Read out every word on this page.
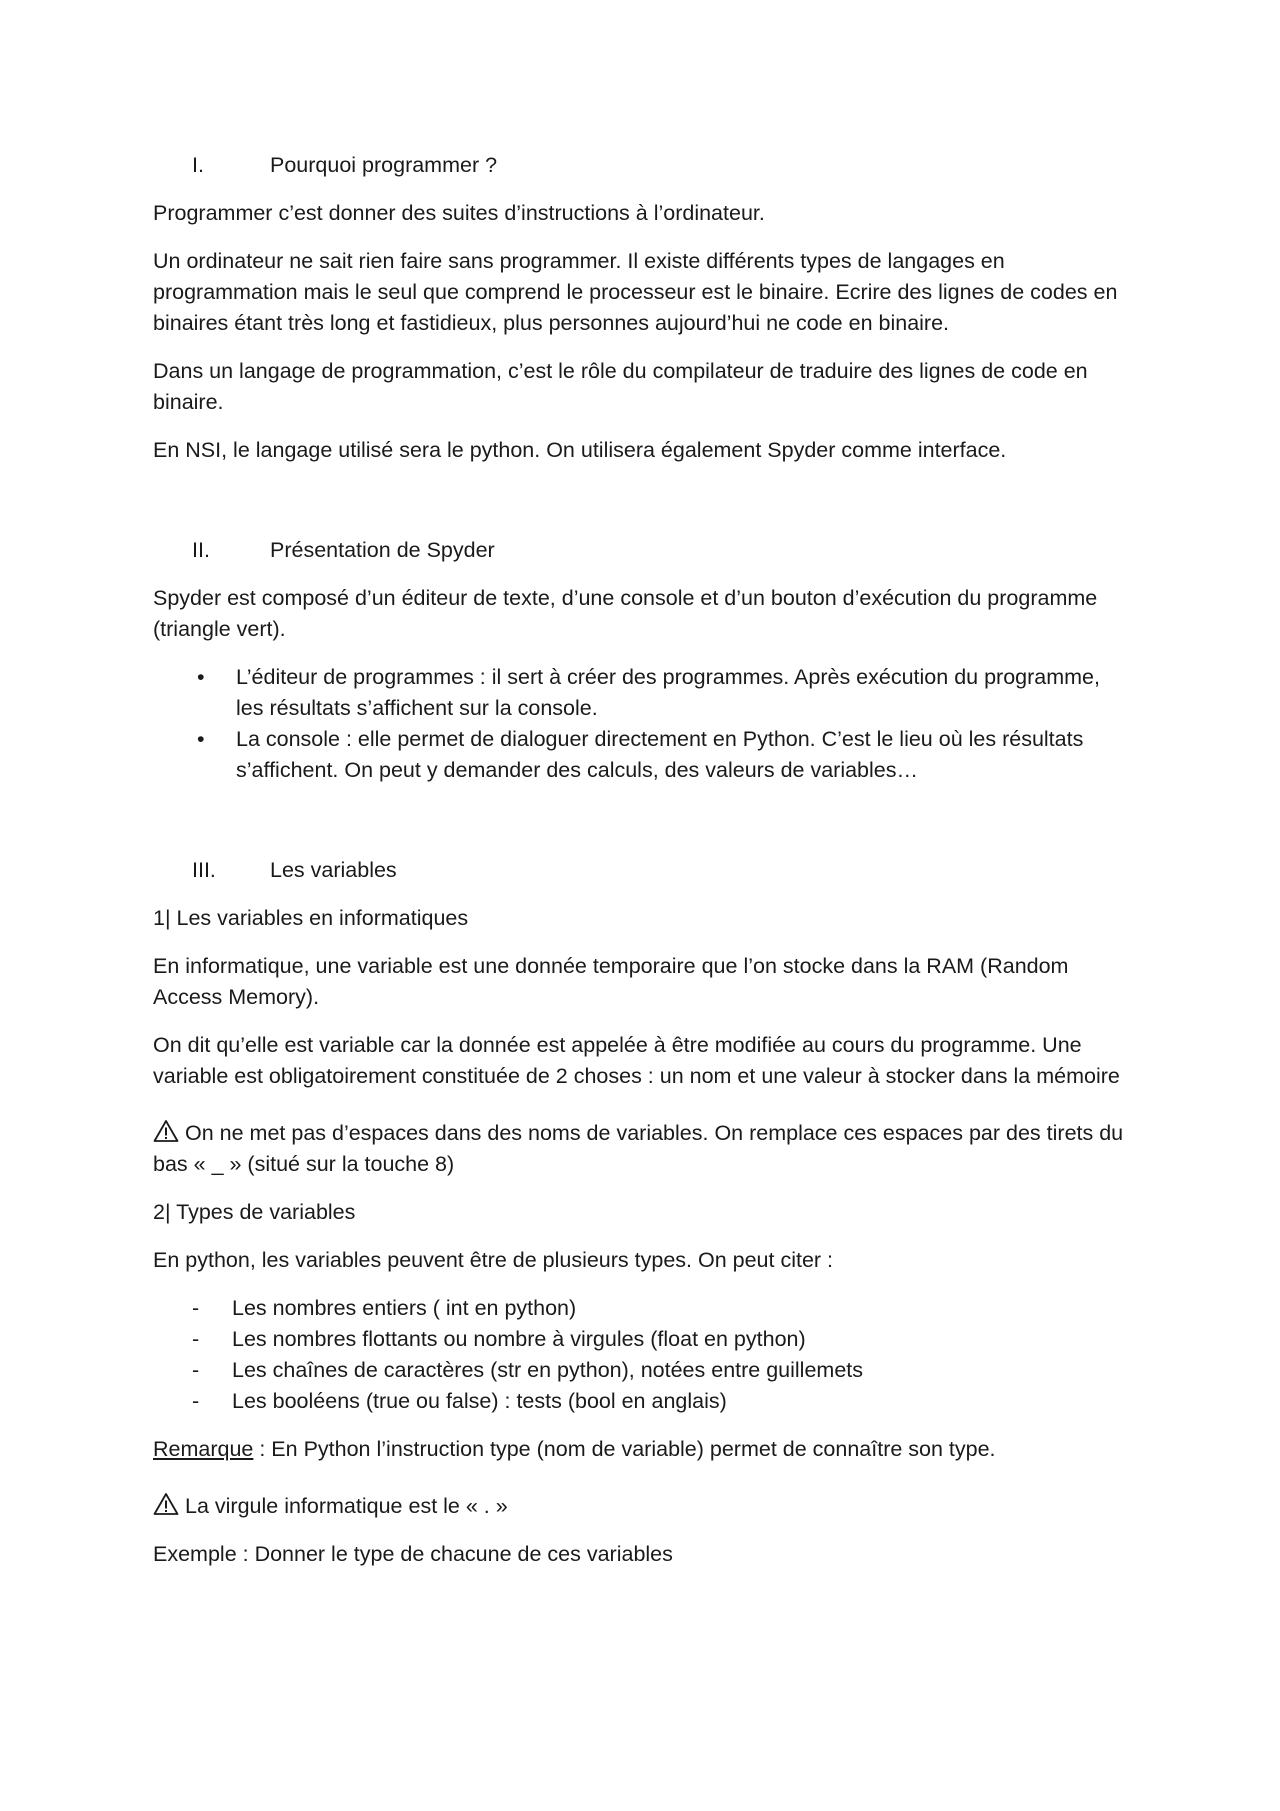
I.	Pourquoi programmer ?

Programmer c’est donner des suites d’instructions à l’ordinateur.

Un ordinateur ne sait rien faire sans programmer. Il existe différents types de langages en programmation mais le seul que comprend le processeur est le binaire. Ecrire des lignes de codes en binaires étant très long et fastidieux, plus personnes aujourd’hui ne code en binaire.

Dans un langage de programmation, c’est le rôle du compilateur de traduire des lignes de code en binaire.

En NSI, le langage utilisé sera le python. On utilisera également Spyder comme interface.

II.	Présentation de Spyder

Spyder est composé d’un éditeur de texte, d’une console et d’un bouton d’exécution du programme (triangle vert).

• L’éditeur de programmes : il sert à créer des programmes. Après exécution du programme, les résultats s’affichent sur la console.
• La console : elle permet de dialoguer directement en Python. C’est le lieu où les résultats s’affichent. On peut y demander des calculs, des valeurs de variables…
III.	Les variables

1| Les variables en informatiques

En informatique, une variable est une donnée temporaire que l’on stocke dans la RAM (Random Access Memory).

On dit qu’elle est variable car la donnée est appelée à être modifiée au cours du programme. Une variable est obligatoirement constituée de 2 choses : un nom et une valeur à stocker dans la mémoire

On ne met pas d’espaces dans des noms de variables. On remplace ces espaces par des tirets du bas « _ » (situé sur la touche 8)

2| Types de variables

En python, les variables peuvent être de plusieurs types. On peut citer :

- Les nombres entiers ( int en python)
- Les nombres flottants ou nombre à virgules (float en python)
- Les chaînes de caractères (str en python), notées entre guillemets
- Les booléens (true ou false) : tests (bool en anglais)

Remarque : En Python l’instruction type (nom de variable) permet de connaître son type.

La virgule informatique est le « . »

Exemple : Donner le type de chacune de ces variables
